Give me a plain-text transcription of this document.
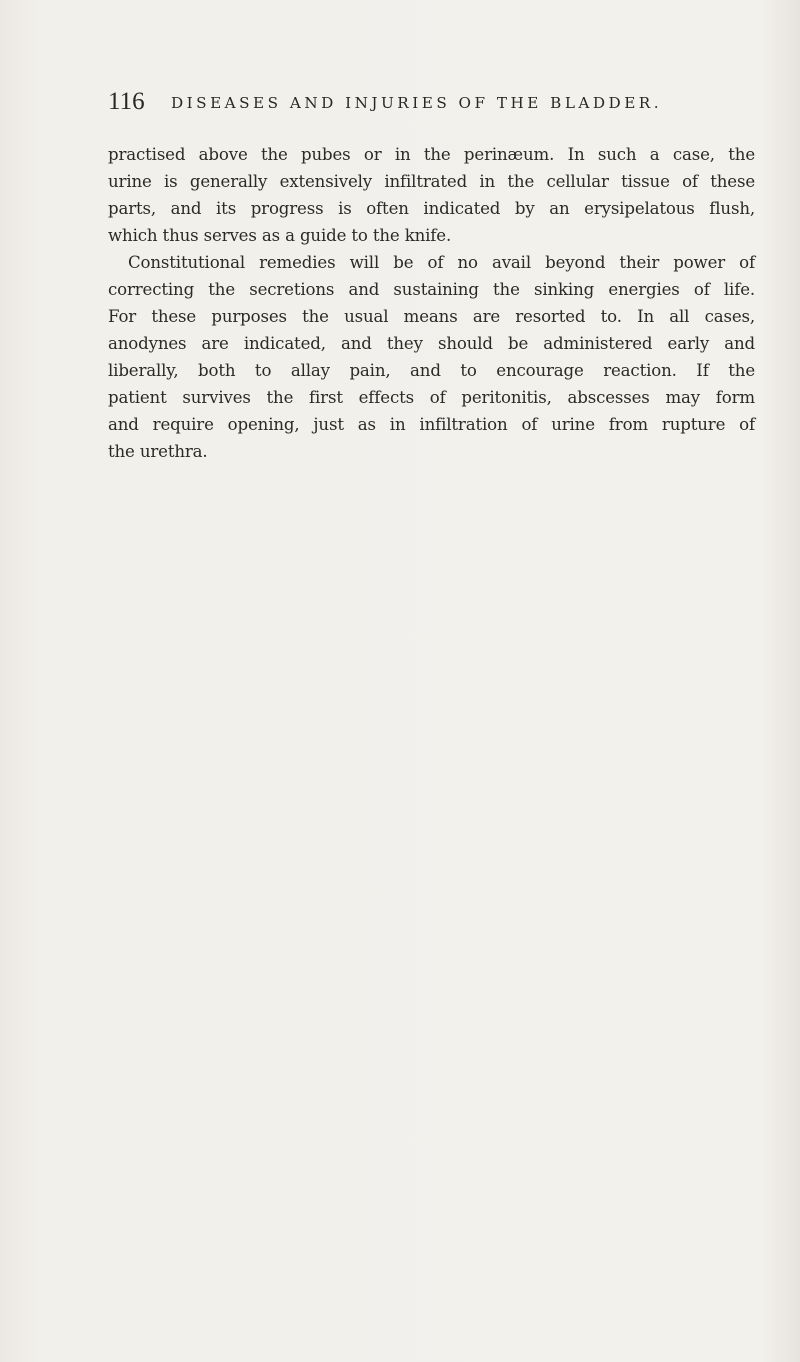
116 DISEASES AND INJURIES OF THE BLADDER.
practised above the pubes or in the perinæum. In such a case, the
urine is generally extensively infiltrated in the cellular tissue of these
parts, and its progress is often indicated by an erysipelatous flush,
which thus serves as a guide to the knife.
Constitutional remedies will be of no avail beyond their power of
correcting the secretions and sustaining the sinking energies of life.
For these purposes the usual means are resorted to. In all cases,
anodynes are indicated, and they should be administered early and
liberally, both to allay pain, and to encourage reaction. If the
patient survives the first effects of peritonitis, abscesses may form
and require opening, just as in infiltration of urine from rupture of
the urethra.
